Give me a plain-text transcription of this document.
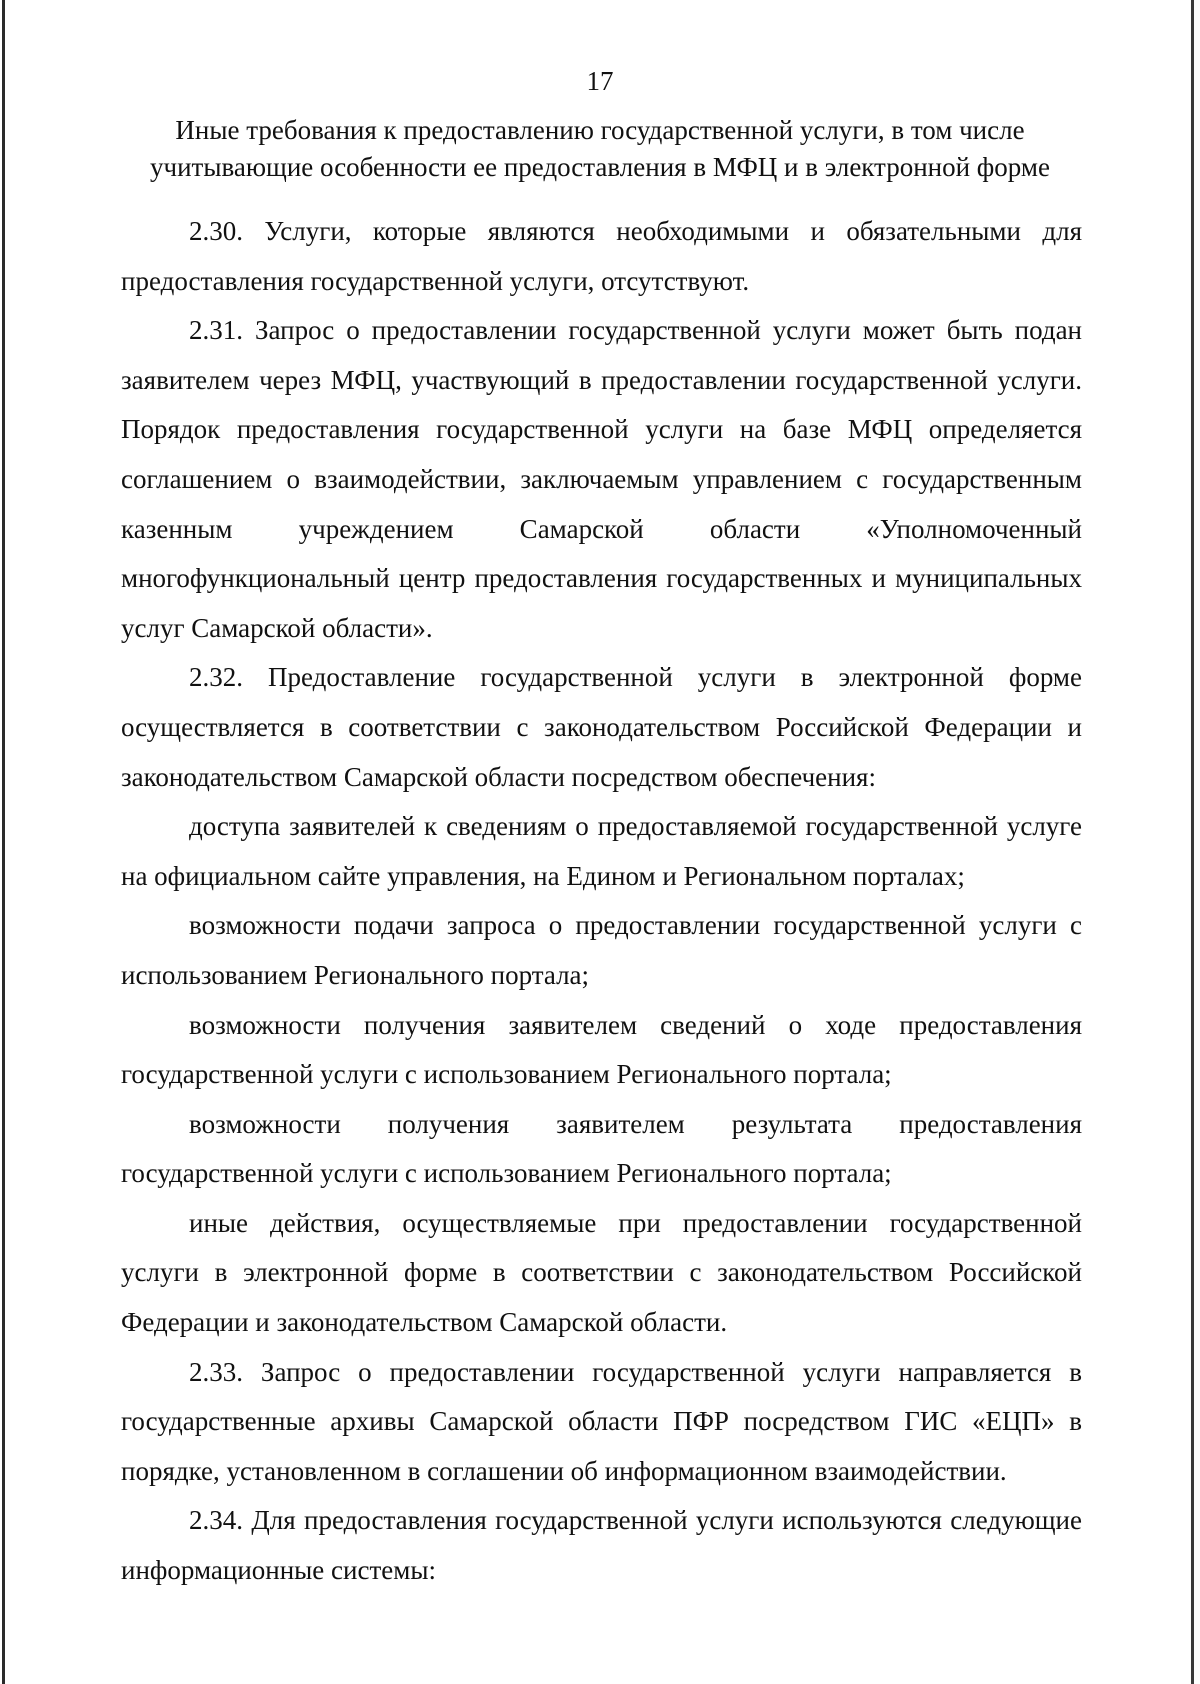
17
Иные требования к предоставлению государственной услуги, в том числе
учитывающие особенности ее предоставления в МФЦ и в электронной форме

2.30. Услуги, которые являются необходимыми и обязательными для предоставления государственной услуги, отсутствуют.

2.31. Запрос о предоставлении государственной услуги может быть подан заявителем через МФЦ, участвующий в предоставлении государственной услуги. Порядок предоставления государственной услуги на базе МФЦ определяется соглашением о взаимодействии, заключаемым управлением с государственным казенным учреждением Самарской области «Уполномоченный многофункциональный центр предоставления государственных и муниципальных услуг Самарской области».

2.32. Предоставление государственной услуги в электронной форме осуществляется в соответствии с законодательством Российской Федерации и законодательством Самарской области посредством обеспечения:

доступа заявителей к сведениям о предоставляемой государственной услуге на официальном сайте управления, на Едином и Региональном порталах;

возможности подачи запроса о предоставлении государственной услуги с использованием Регионального портала;

возможности получения заявителем сведений о ходе предоставления государственной услуги с использованием Регионального портала;

возможности получения заявителем результата предоставления государственной услуги с использованием Регионального портала;

иные действия, осуществляемые при предоставлении государственной услуги в электронной форме в соответствии с законодательством Российской Федерации и законодательством Самарской области.

2.33. Запрос о предоставлении государственной услуги направляется в государственные архивы Самарской области ПФР посредством ГИС «ЕЦП» в порядке, установленном в соглашении об информационном взаимодействии.

2.34. Для предоставления государственной услуги используются следующие информационные системы:
